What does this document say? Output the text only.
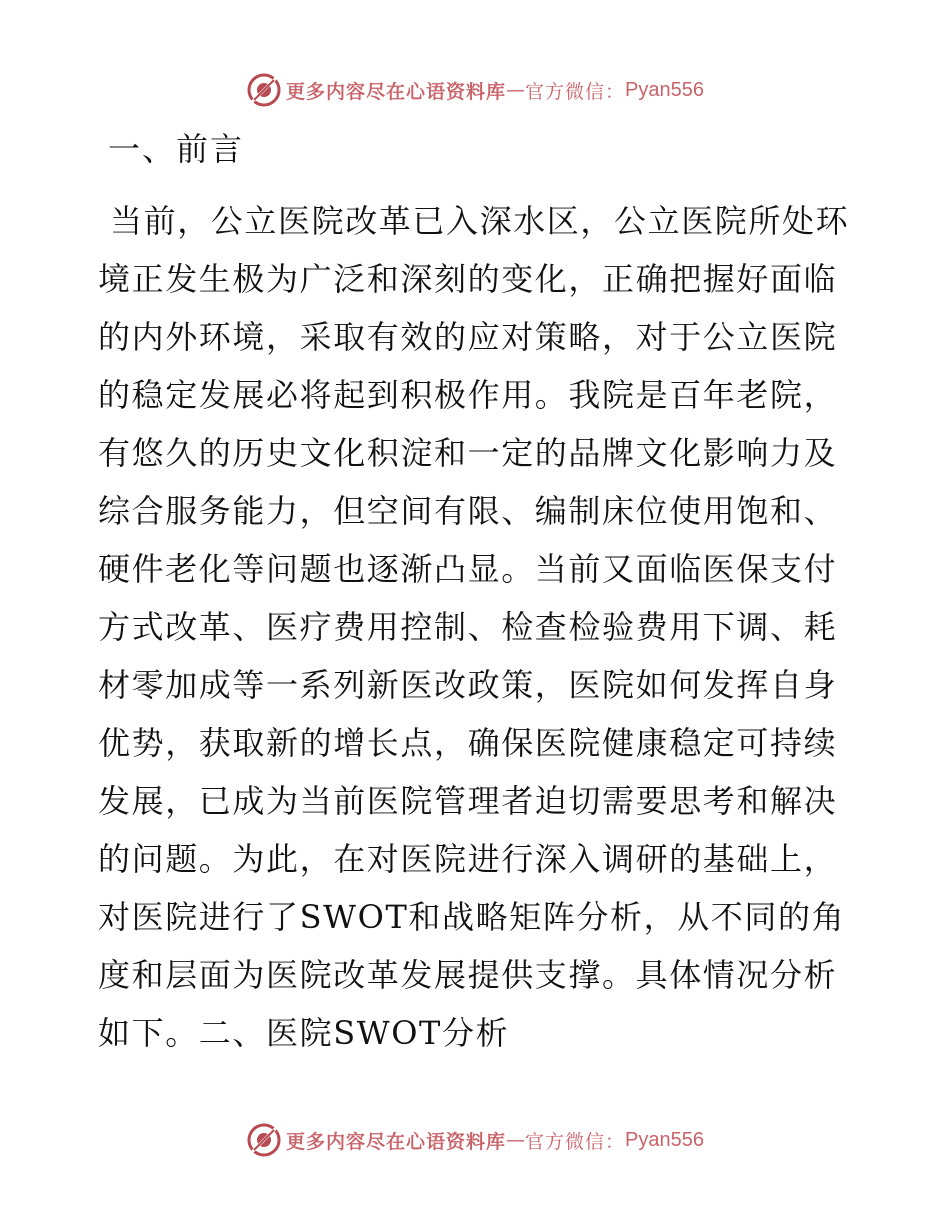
更多内容尽在心语资料库 — 官方微信： Pyan556
一、前言

当前，公立医院改革已入深水区，公立医院所处环境正发生极为广泛和深刻的变化，正确把握好面临的内外环境，采取有效的应对策略，对于公立医院的稳定发展必将起到积极作用。我院是百年老院，有悠久的历史文化积淀和一定的品牌文化影响力及综合服务能力，但空间有限、编制床位使用饱和、硬件老化等问题也逐渐凸显。当前又面临医保支付方式改革、医疗费用控制、检查检验费用下调、耗材零加成等一系列新医改政策，医院如何发挥自身优势，获取新的增长点，确保医院健康稳定可持续发展，已成为当前医院管理者迫切需要思考和解决的问题。为此，在对医院进行深入调研的基础上，对医院进行了SWOT和战略矩阵分析，从不同的角度和层面为医院改革发展提供支撑。具体情况分析如下。二、医院SWOT分析

更多内容尽在心语资料库 — 官方微信： Pyan556
